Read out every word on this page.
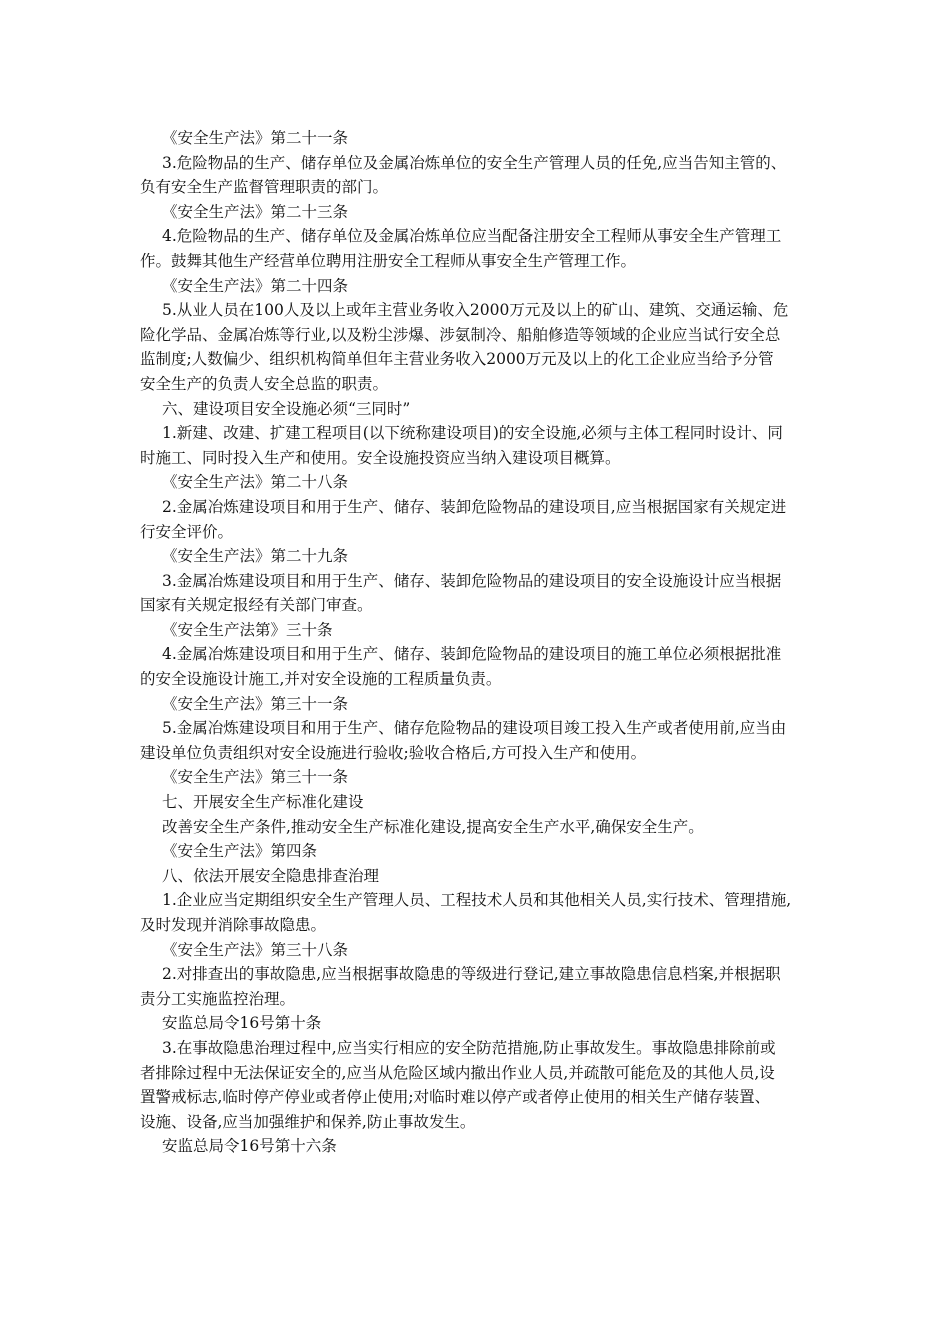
《安全生产法》第二十一条
3.危险物品的生产、储存单位及金属冶炼单位的安全生产管理人员的任免,应当告知主管的、
负有安全生产监督管理职责的部门。
《安全生产法》第二十三条
4.危险物品的生产、储存单位及金属冶炼单位应当配备注册安全工程师从事安全生产管理工
作。鼓舞其他生产经营单位聘用注册安全工程师从事安全生产管理工作。
《安全生产法》第二十四条
5.从业人员在100人及以上或年主营业务收入2000万元及以上的矿山、建筑、交通运输、危
险化学品、金属冶炼等行业,以及粉尘涉爆、涉氨制冷、船舶修造等领域的企业应当试行安全总
监制度;人数偏少、组织机构简单但年主营业务收入2000万元及以上的化工企业应当给予分管
安全生产的负责人安全总监的职责。
六、建设项目安全设施必须“三同时”
1.新建、改建、扩建工程项目(以下统称建设项目)的安全设施,必须与主体工程同时设计、同
时施工、同时投入生产和使用。安全设施投资应当纳入建设项目概算。
《安全生产法》第二十八条
2.金属冶炼建设项目和用于生产、储存、装卸危险物品的建设项目,应当根据国家有关规定进
行安全评价。
《安全生产法》第二十九条
3.金属冶炼建设项目和用于生产、储存、装卸危险物品的建设项目的安全设施设计应当根据
国家有关规定报经有关部门审查。
《安全生产法第》三十条
4.金属冶炼建设项目和用于生产、储存、装卸危险物品的建设项目的施工单位必须根据批准
的安全设施设计施工,并对安全设施的工程质量负责。
《安全生产法》第三十一条
5.金属冶炼建设项目和用于生产、储存危险物品的建设项目竣工投入生产或者使用前,应当由
建设单位负责组织对安全设施进行验收;验收合格后,方可投入生产和使用。
《安全生产法》第三十一条
七、开展安全生产标准化建设
改善安全生产条件,推动安全生产标准化建设,提高安全生产水平,确保安全生产。
《安全生产法》第四条
八、依法开展安全隐患排查治理
1.企业应当定期组织安全生产管理人员、工程技术人员和其他相关人员,实行技术、管理措施,
及时发现并消除事故隐患。
《安全生产法》第三十八条
2.对排查出的事故隐患,应当根据事故隐患的等级进行登记,建立事故隐患信息档案,并根据职
责分工实施监控治理。
安监总局令16号第十条
3.在事故隐患治理过程中,应当实行相应的安全防范措施,防止事故发生。事故隐患排除前或
者排除过程中无法保证安全的,应当从危险区域内撤出作业人员,并疏散可能危及的其他人员,设
置警戒标志,临时停产停业或者停止使用;对临时难以停产或者停止使用的相关生产储存装置、
设施、设备,应当加强维护和保养,防止事故发生。
安监总局令16号第十六条
